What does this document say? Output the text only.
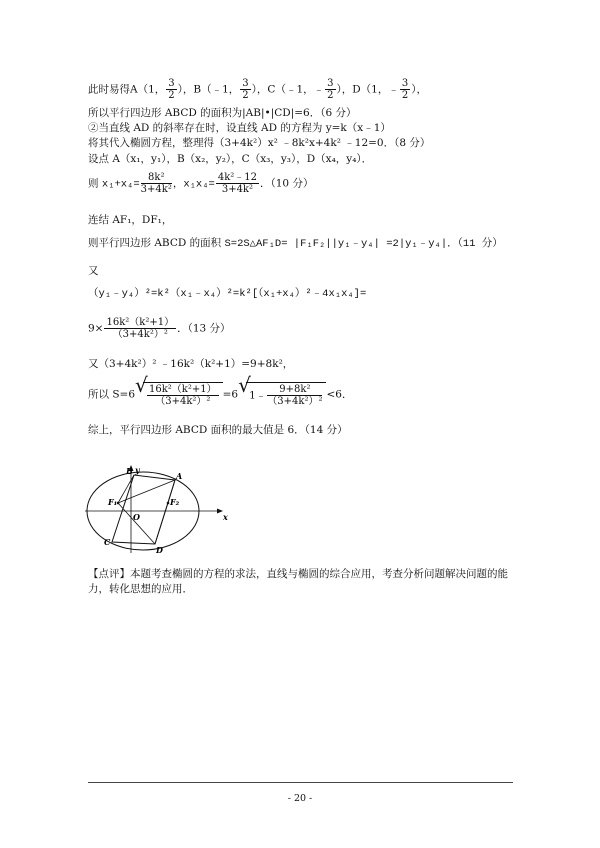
此时易得A（1， $\frac{3}{2}$ ），B（﹣1， $\frac{3}{2}$ ），C（﹣1，﹣ $\frac{3}{2}$ ），D（1，﹣ $\frac{3}{2}$ ），
所以平行四边形 ABCD 的面积为|AB|•|CD|=6．（6 分）
②当直线 AD 的斜率存在时，设直线 AD 的方程为 y=k（x﹣1）
将其代入椭圆方程，整理得（3+4k²）x² ﹣8k²x+4k² ﹣12=0．（8 分）
设点 A（x₁，y₁），B（x₂，y₂），C（x₃，y₃），D（x₄，y₄）．
则 $x_1+x_4= \frac{\text{8k²}}{\text{3+4k²}}$ ，$x_1x_4= \frac{\text{4k²﹣12}}{\text{3+4k²}}$ ．（10 分）
连结 AF₁，DF₁，
则平行四边形 ABCD 的面积 S=2S△AF₁D= |F₁F₂||y₁﹣y₄| =2|y₁﹣y₄|．（11 分）
又
（y₁﹣y₄）²=k²（x₁﹣x₄）²=k²[（x₁+x₄）²﹣4x₁x₄]=
$9\times \frac{\text{16k²（k²+1）}}{\text{（3+4k²）²}}$ ．（13 分）
又（3+4k²）² ﹣16k²（k²+1）=9+8k²，
所以 S=6
√ $\frac{\text{16k²（k²+1）}}{\text{（3+4k²）²}} =6√$ 1﹣ $\frac{\text{9+8k²}}{\text{（3+4k²）²}} <6$．
综上，平行四边形 ABCD 面积的最大值是 6．（14 分）
y
x
A
B
C
D
F₁	F₂
O
【点评】本题考查椭圆的方程的求法，直线与椭圆的综合应用，考查分析问题解决问题的能
力，转化思想的应用．
- 20 -
